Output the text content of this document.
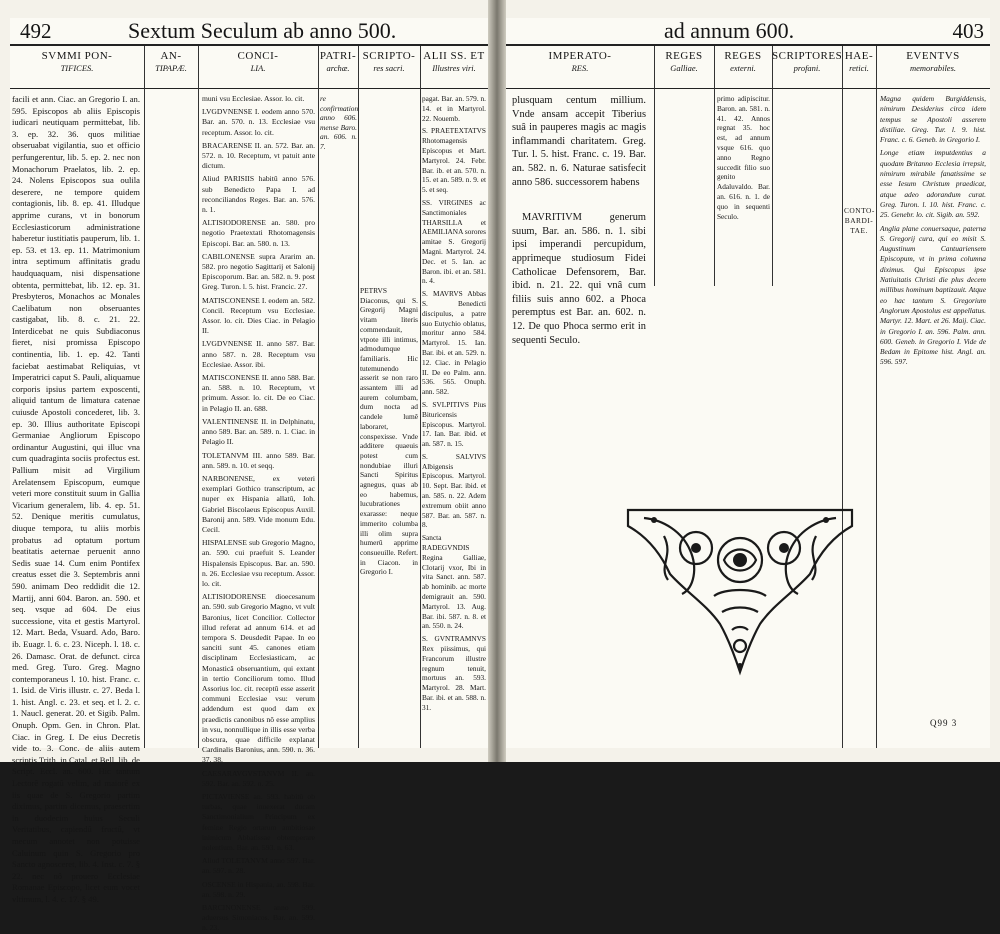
492	Sextum Seculum ab anno 500.
SVMMI PON-
TIFICES.
AN-
TIPAPÆ.
CONCI-
LIA.
PATRI-
archæ.
SCRIPTO-
res sacri.
ALII SS. ET
Illustres viri.

facili et ann. Ciac. an Gregorio I. an. 595. Episcopos ab aliis Episcopis iudicari neutiquam permittebat, lib. 3. ep. 32. 36. quos militiae obseruabat vigilantia, suo et officio perfungerentur, lib. 5. ep. 2. nec non Monachorum Praelatos, lib. 2. ep. 24. Nolens Episcopos sua oulila deserere, ne tempore quidem contagionis, lib. 8. ep. 41. Illudque apprime curans, vt in bonorum Ecclesiasticorum administratione haberetur iustitiatis pauperum, lib. 1. ep. 53. et 13. ep. 11. Matrimonium intra septimum affinitatis gradu haudquaquam, nisi dispensatione obtenta, permittebat, lib. 12. ep. 31. Presbyteros, Monachos ac Monales Caelibatum non obseruantes castigabat, lib. 8. c. 21. 22. Interdicebat ne quis Subdiaconus fieret, nisi promissa Episcopo continentia, lib. 1. ep. 42. Tanti faciebat aestimabat Reliquias, vt Imperatrici caput S. Pauli, aliquamue corporis ipsius partem exposcenti, aliquid tantum de limatura catenae cuiusde Apostoli concederet, lib. 3. ep. 30. Illius authoritate Episcopi Germaniae Angliorum Episcopo ordinantur Augustini, qui illuc vna cum quadraginta sociis profectus est. Pallium misit ad Virgilium Arelatensem Episcopum, eumque veteri more constituit suum in Gallia Vicarium generalem, lib. 4. ep. 51. 52. Denique meritis cumulatus, diuque tempora, tu aliis morbis probatus ad optatum portum beatitatis aeternae peruenit anno Sedis suae 14. Cum enim Pontifex creatus esset die 3. Septembris anni 590. animam Deo reddidit die 12. Martij, anni 604. Baron. an. 590. et seq. vsque ad 604. De eius successione, vita et gestis Martyrol. 12. Mart. Beda, Vsuard. Ado, Baro. ib. Euagr. l. 6. c. 23. Niceph. l. 18. c. 26. Damasc. Orat. de defunct. circa med. Greg. Turo. Greg. Magno contemporaneus l. 10. hist. Franc. c. 1. Isid. de Viris illustr. c. 27. Beda l. 1. hist. Angl. c. 23. et seq. et l. 2. c. 1. Naucl. generat. 20. et Sigib. Palm. Onuph. Opm. Gen. in Chron. Plat. Ciac. in Greg. I. De eius Decretis vide to. 3. Conc. de aliis autem scriptis Trith. in Catal. et Bell. lib. de Script. Eccl. an. 600. Hic tantum Lectorê rogatû velim, ad maiorê ex iis quae de S. Gregorio partim diximus, partim dicemus, praesertim in duodecim huius Seculi Veritatibus, capiendû fructû, vt mecum annotet non potuisse Caluinum quin S. Gregorio pro Sancto agnosceret, lib. 4. Inst. c. 7. § 22. nec nô prouero Ecclesiae Romanae Episcopo, licet eum vocet vltimum, l. 4. c. 17. § 49.

muni vsu Ecclesiae. Assor. lo. cit.

LVGDVNENSE I. eodem anno 570. Bar. an. 570. n. 13. Ecclesiae vsu receptum. Assor. lo. cit.

BRACARENSE II. an. 572. Bar. an. 572. n. 10. Receptum, vt patuit ante dictum.

Aliud PARISIIS habitû anno 576. sub Benedicto Papa I. ad reconciliandos Reges. Bar. an. 576. n. 1.

ALTISIODORENSE an. 580. pro negotio Praetextati Rhotomagensis Episcopi. Bar. an. 580. n. 13.

CABILONENSE supra Ararim an. 582. pro negotio Sagittarij et Salonij Episcoporum. Bar. an. 582. n. 9. post Greg. Turon. l. 5. hist. Francic. 27.

MATISCONENSE I. eodem an. 582. Concil. Receptum vsu Ecclesiae. Assor. lo. cit. Dies Ciac. in Pelagio II.

LVGDVNENSE II. anno 587. Bar. anno 587. n. 28. Receptum vsu Ecclesiae. Assor. ibi.

MATISCONENSE II. anno 588. Bar. an. 588. n. 10. Receptum, vt primum. Assor. lo. cit. De eo Ciac. in Pelagio II. an. 688.

VALENTINENSE II. in Delphinatu, anno 589. Bar. an. 589. n. 1. Ciac. in Pelagio II.

TOLETANVM III. anno 589. Bar. ann. 589. n. 10. et seqq.

NARBONENSE, ex veteri exemplari Gothico transcriptum, ac nuper ex Hispania allatû, Ioh. Gabriel Biscolaeus Episcopus Auxil. Baronij ann. 589. Vide monum Edu. Cecil.

HISPALENSE sub Gregorio Magno, an. 590. cui praefuit S. Leander Hispalensis Episcopus. Bar. an. 590. n. 26. Ecclesiae vsu receptum. Assor. lo. cit.

ALTISIODORENSE dioecesanum an. 590. sub Gregorio Magno, vt vult Baronius, licet Concilior. Collector illud referat ad annum 614. et ad tempora S. Deusdedit Papae. In eo sanciti sunt 45. canones etiam disciplinam Ecclesiasticam, ac Monasticâ obseruantium, qui extant in tertio Conciliorum tomo. Illud Assorius loc. cit. receptû esse asserit communi Ecclesiae vsu: verum addendum est quod dam ex praedictis canonibus nô esse amplius in vsu, nonnullique in illis esse verba obscura, quae difficile explanat Cardinalis Baronius, ann. 590. n. 36. 37. 38.

CAESARAVGVSTANVM II. an. 592. Bar. an. 592. n. 25.

PICTAVIENSE an. 593. habitû ob turbas, quae inuexerat ducam Sanctimonialium Principum ex femine Regio ortarum ambitiosae inimicum Abbatissae obtemperare nolentium. Bar. an. 593. n. 63.

Aliud TOLETANVM anno 597. Bar. an. 597. n. 28.

OSCENSE in Hispania, an. 598. Bar. an. 598. n. 29.

BARCINONENSE anno 599. aduersus Simoniacos. Bar. an. 599. n. 23.

re confirmation anno 606. mense Baro. an. 606. n. 7.

PETRVS Diaconus, qui S. Gregorij Magni vitam literis commendauit, vtpote illi intimus, admodumque familiaris. Hic tutemunendo asserit se non raro assantem illi ad aurem columbam, dum nocta ad candele lumê laboraret, conspexisse. Vnde additere quaeuis potest cum nondubiae illuri Sancti Spiritus agnegus, quas ab eo habemus, lucubrationes exarasse: neque immerito columba illi olim supra humerû apprime consueuille. Refert. in Ciacon. in Gregorio I.

pagat. Bar. an. 579. n. 14. et in Martyrol. 22. Nouemb.

S. PRAETEXTATVS Rhotomagensis Episcopus et Mart. Martyrol. 24. Febr. Bar. ib. et an. 570. n. 15. et an. 589. n. 9. et 5. et seq.

SS. VIRGINES ac Sanctimoniales THARSILLA et AEMILIANA sorores amitae S. Gregorij Magni. Martyrol. 24. Dec. et 5. Ian. ac Baron. ibi. et an. 581. n. 4.

S. MAVRVS Abbas S. Benedicti discipulus, a patre suo Eutychio oblatus, moritur anno 584. Martyrol. 15. Ian. Bar. ibi. et an. 529. n. 12. Ciac. in Pelagio II. De eo Palm. ann. 536. 565. Onuph. ann. 582.

S. SVLPITIVS Pius Bituricensis Episcopus. Martyrol. 17. Ian. Bar. ibid. et an. 587. n. 15.

S. SALVIVS Albigensis Episcopus. Martyrol. 10. Sept. Bar. ibid. et an. 585. n. 22. Adem extremum obiit anno 587. Bar. an. 587. n. 8.

Sancta RADEGVNDIS Regina Galliae, Clotarij vxor, Ibi in vita Sanct. ann. 587. ab hominib. ac morte demigrauit an. 590. Martyrol. 13. Aug. Bar. ibi. 587. n. 8. et an. 550. n. 24.

S. GVNTRAMNVS Rex piissimus, qui Francorum illustre regnum tenuit, mortuus an. 593. Martyrol. 28. Mart. Bar. ibi. et an. 588. n. 31.

ad annum 600.	403
IMPERATO-
RES.
REGES
Galliae.
REGES
externi.
SCRIPTORES
profani.
HAE-
retici.
EVENTVS
memorabiles.

plusquam centum millium. Vnde ansam accepit Tiberius suâ in pauperes magis ac magis inflammandi charitatem. Greg. Tur. l. 5. hist. Franc. c. 19. Bar. an. 582. n. 6. Naturae satisfecit anno 586. successorem habens

MAVRITIVM generum suum, Bar. an. 586. n. 1. sibi ipsi imperandi percupidum, apprimeque studiosum Fidei Catholicae Defensorem, Bar. ibid. n. 21. 22. qui vnâ cum filiis suis anno 602. a Phoca peremptus est Bar. an. 602. n. 12. De quo Phoca sermo erit in sequenti Seculo.

primo adipiscitur. Baron. an. 581. n. 41. 42. Annos regnat 35. hoc est, ad annum vsque 616. quo anno Regno succedit filio suo genito Adaluvaldo. Bar. an. 616. n. 1. de quo in sequenti Seculo.

CONTO-BARDI-TAE.

Magna quidem Burgiddensis, nimirum Desiderius circa idem tempus se Apostoli asserem distiliae. Greg. Tur. l. 9. hist. Franc. c. 6. Geneb. in Gregorio I.

Longe etiam imputdentius a quodam Britanno Ecclesia irrepsit, nimirum mirabile fanatissime se esse Iesum Christum praedicat, atque adeo adorandum curat. Greg. Turon. l. 10. hist. Franc. c. 25. Genebr. lo. cit. Sigib. an. 592.

Anglia plane conuersaque, paterna S. Gregorij cura, qui eo misit S. Augustinum Cantuariensem Episcopum, vt in prima columna diximus. Qui Episcopus ipse Natiuitatis Christi die plus decem millibus hominum baptizauit. Atque eo hac tantum S. Gregorium Anglorum Apostolus est appellatus. Martyr. 12. Mart. et 26. Maij. Ciac. in Gregorio I. an. 596. Palm. ann. 600. Geneb. in Gregorio I. Vide de Bedam in Epitome hist. Angl. an. 596. 597.

Q99 3
